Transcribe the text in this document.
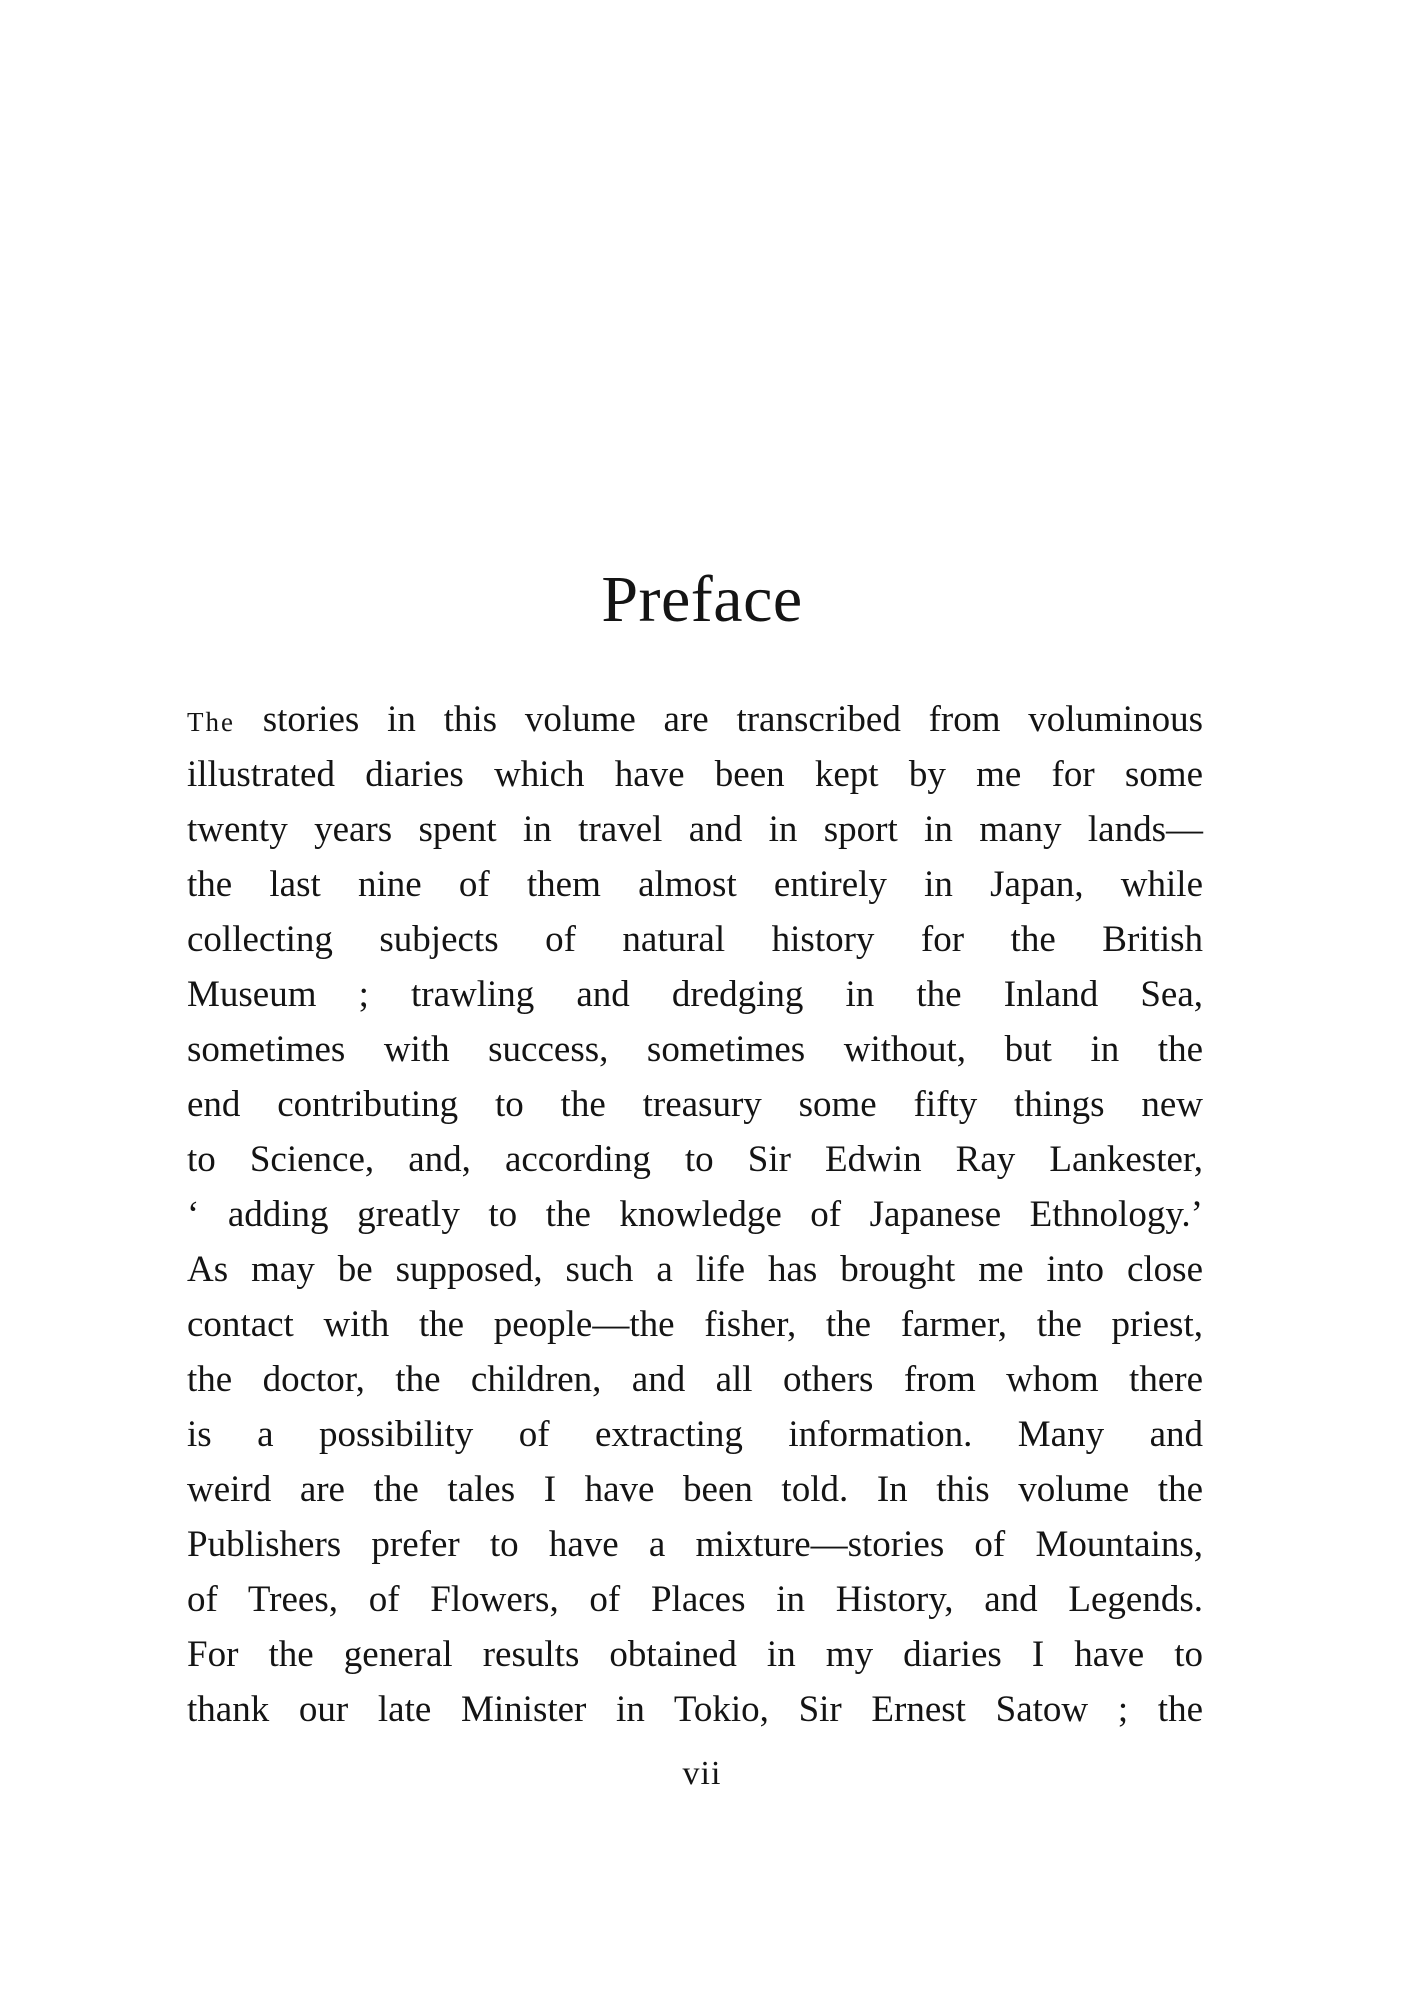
Preface
The stories in this volume are transcribed from voluminous
illustrated diaries which have been kept by me for some
twenty years spent in travel and in sport in many lands—
the last nine of them almost entirely in Japan, while
collecting subjects of natural history for the British
Museum ; trawling and dredging in the Inland Sea,
sometimes with success, sometimes without, but in the
end contributing to the treasury some fifty things new
to Science, and, according to Sir Edwin Ray Lankester,
‘ adding greatly to the knowledge of Japanese Ethnology.’
As may be supposed, such a life has brought me into close
contact with the people—the fisher, the farmer, the priest,
the doctor, the children, and all others from whom there
is a possibility of extracting information. Many and
weird are the tales I have been told. In this volume the
Publishers prefer to have a mixture—stories of Mountains,
of Trees, of Flowers, of Places in History, and Legends.
For the general results obtained in my diaries I have to
thank our late Minister in Tokio, Sir Ernest Satow ; the
vii
